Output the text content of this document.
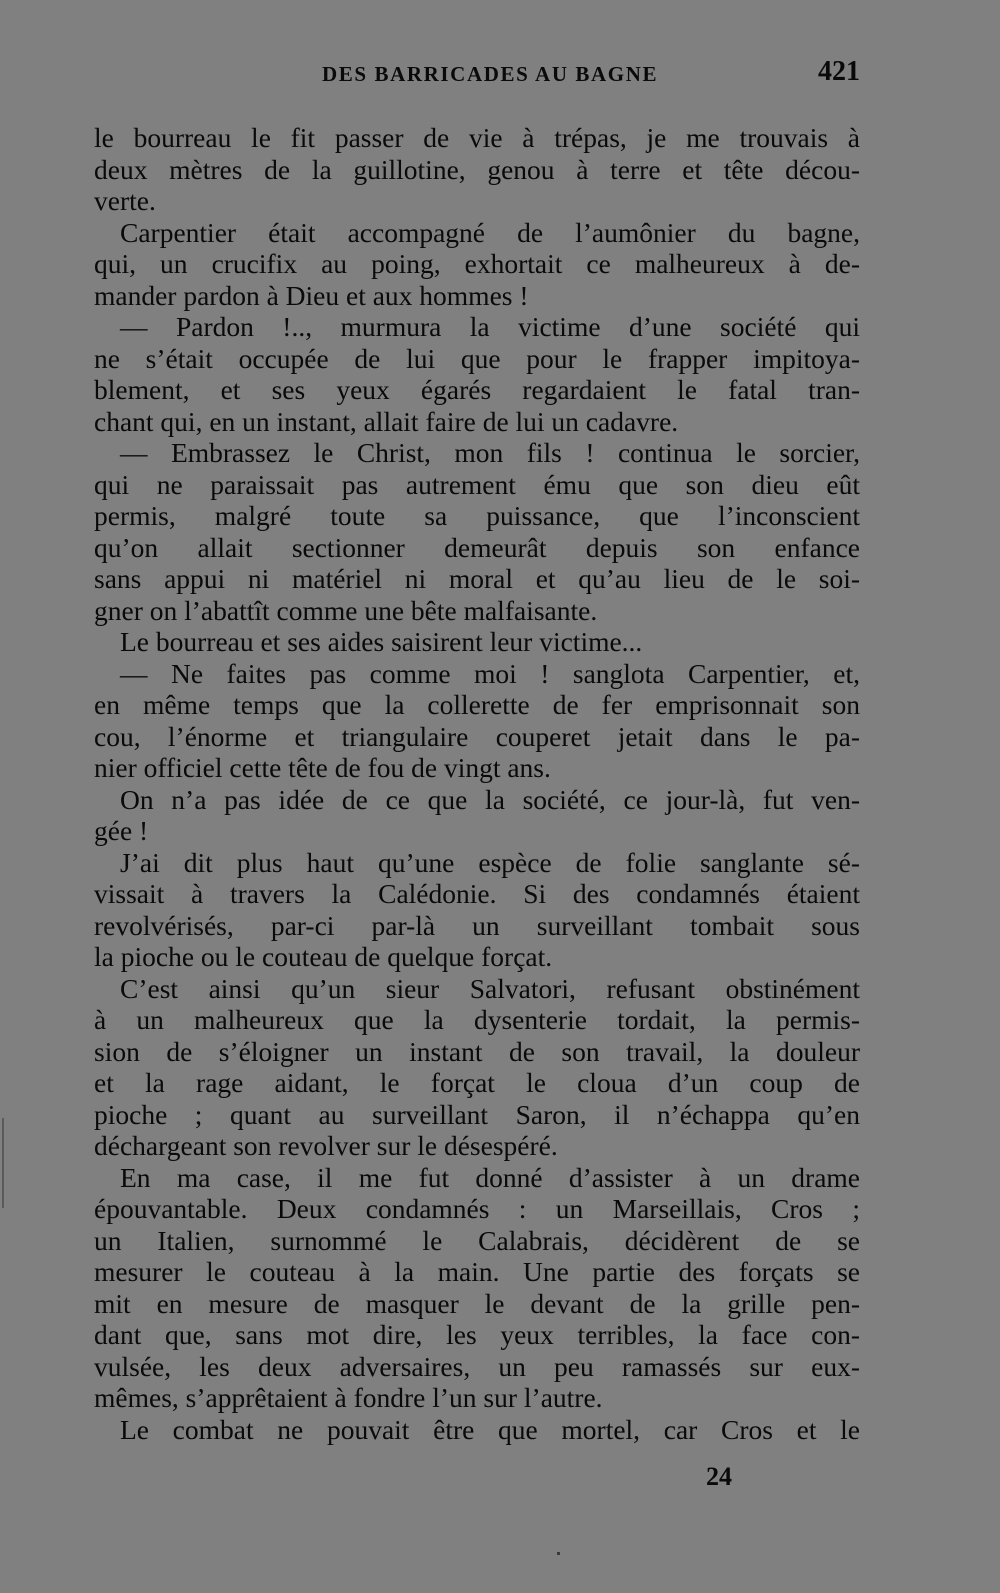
DES BARRICADES AU BAGNE	421
le bourreau le fit passer de vie à trépas, je me trouvais à
deux mètres de la guillotine, genou à terre et tête décou-
verte.
Carpentier était accompagné de l’aumônier du bagne,
qui, un crucifix au poing, exhortait ce malheureux à de-
mander pardon à Dieu et aux hommes !
— Pardon !.., murmura la victime d’une société qui
ne s’était occupée de lui que pour le frapper impitoya-
blement, et ses yeux égarés regardaient le fatal tran-
chant qui, en un instant, allait faire de lui un cadavre.
— Embrassez le Christ, mon fils ! continua le sorcier,
qui ne paraissait pas autrement ému que son dieu eût
permis, malgré toute sa puissance, que l’inconscient
qu’on allait sectionner demeurât depuis son enfance
sans appui ni matériel ni moral et qu’au lieu de le soi-
gner on l’abattît comme une bête malfaisante.
Le bourreau et ses aides saisirent leur victime...
— Ne faites pas comme moi ! sanglota Carpentier, et,
en même temps que la collerette de fer emprisonnait son
cou, l’énorme et triangulaire couperet jetait dans le pa-
nier officiel cette tête de fou de vingt ans.
On n’a pas idée de ce que la société, ce jour-là, fut ven-
gée !
J’ai dit plus haut qu’une espèce de folie sanglante sé-
vissait à travers la Calédonie. Si des condamnés étaient
revolvérisés, par-ci par-là un surveillant tombait sous
la pioche ou le couteau de quelque forçat.
C’est ainsi qu’un sieur Salvatori, refusant obstinément
à un malheureux que la dysenterie tordait, la permis-
sion de s’éloigner un instant de son travail, la douleur
et la rage aidant, le forçat le cloua d’un coup de
pioche ; quant au surveillant Saron, il n’échappa qu’en
déchargeant son revolver sur le désespéré.
En ma case, il me fut donné d’assister à un drame
épouvantable. Deux condamnés : un Marseillais, Cros ;
un Italien, surnommé le Calabrais, décidèrent de se
mesurer le couteau à la main. Une partie des forçats se
mit en mesure de masquer le devant de la grille pen-
dant que, sans mot dire, les yeux terribles, la face con-
vulsée, les deux adversaires, un peu ramassés sur eux-
mêmes, s’apprêtaient à fondre l’un sur l’autre.
Le combat ne pouvait être que mortel, car Cros et le
24
